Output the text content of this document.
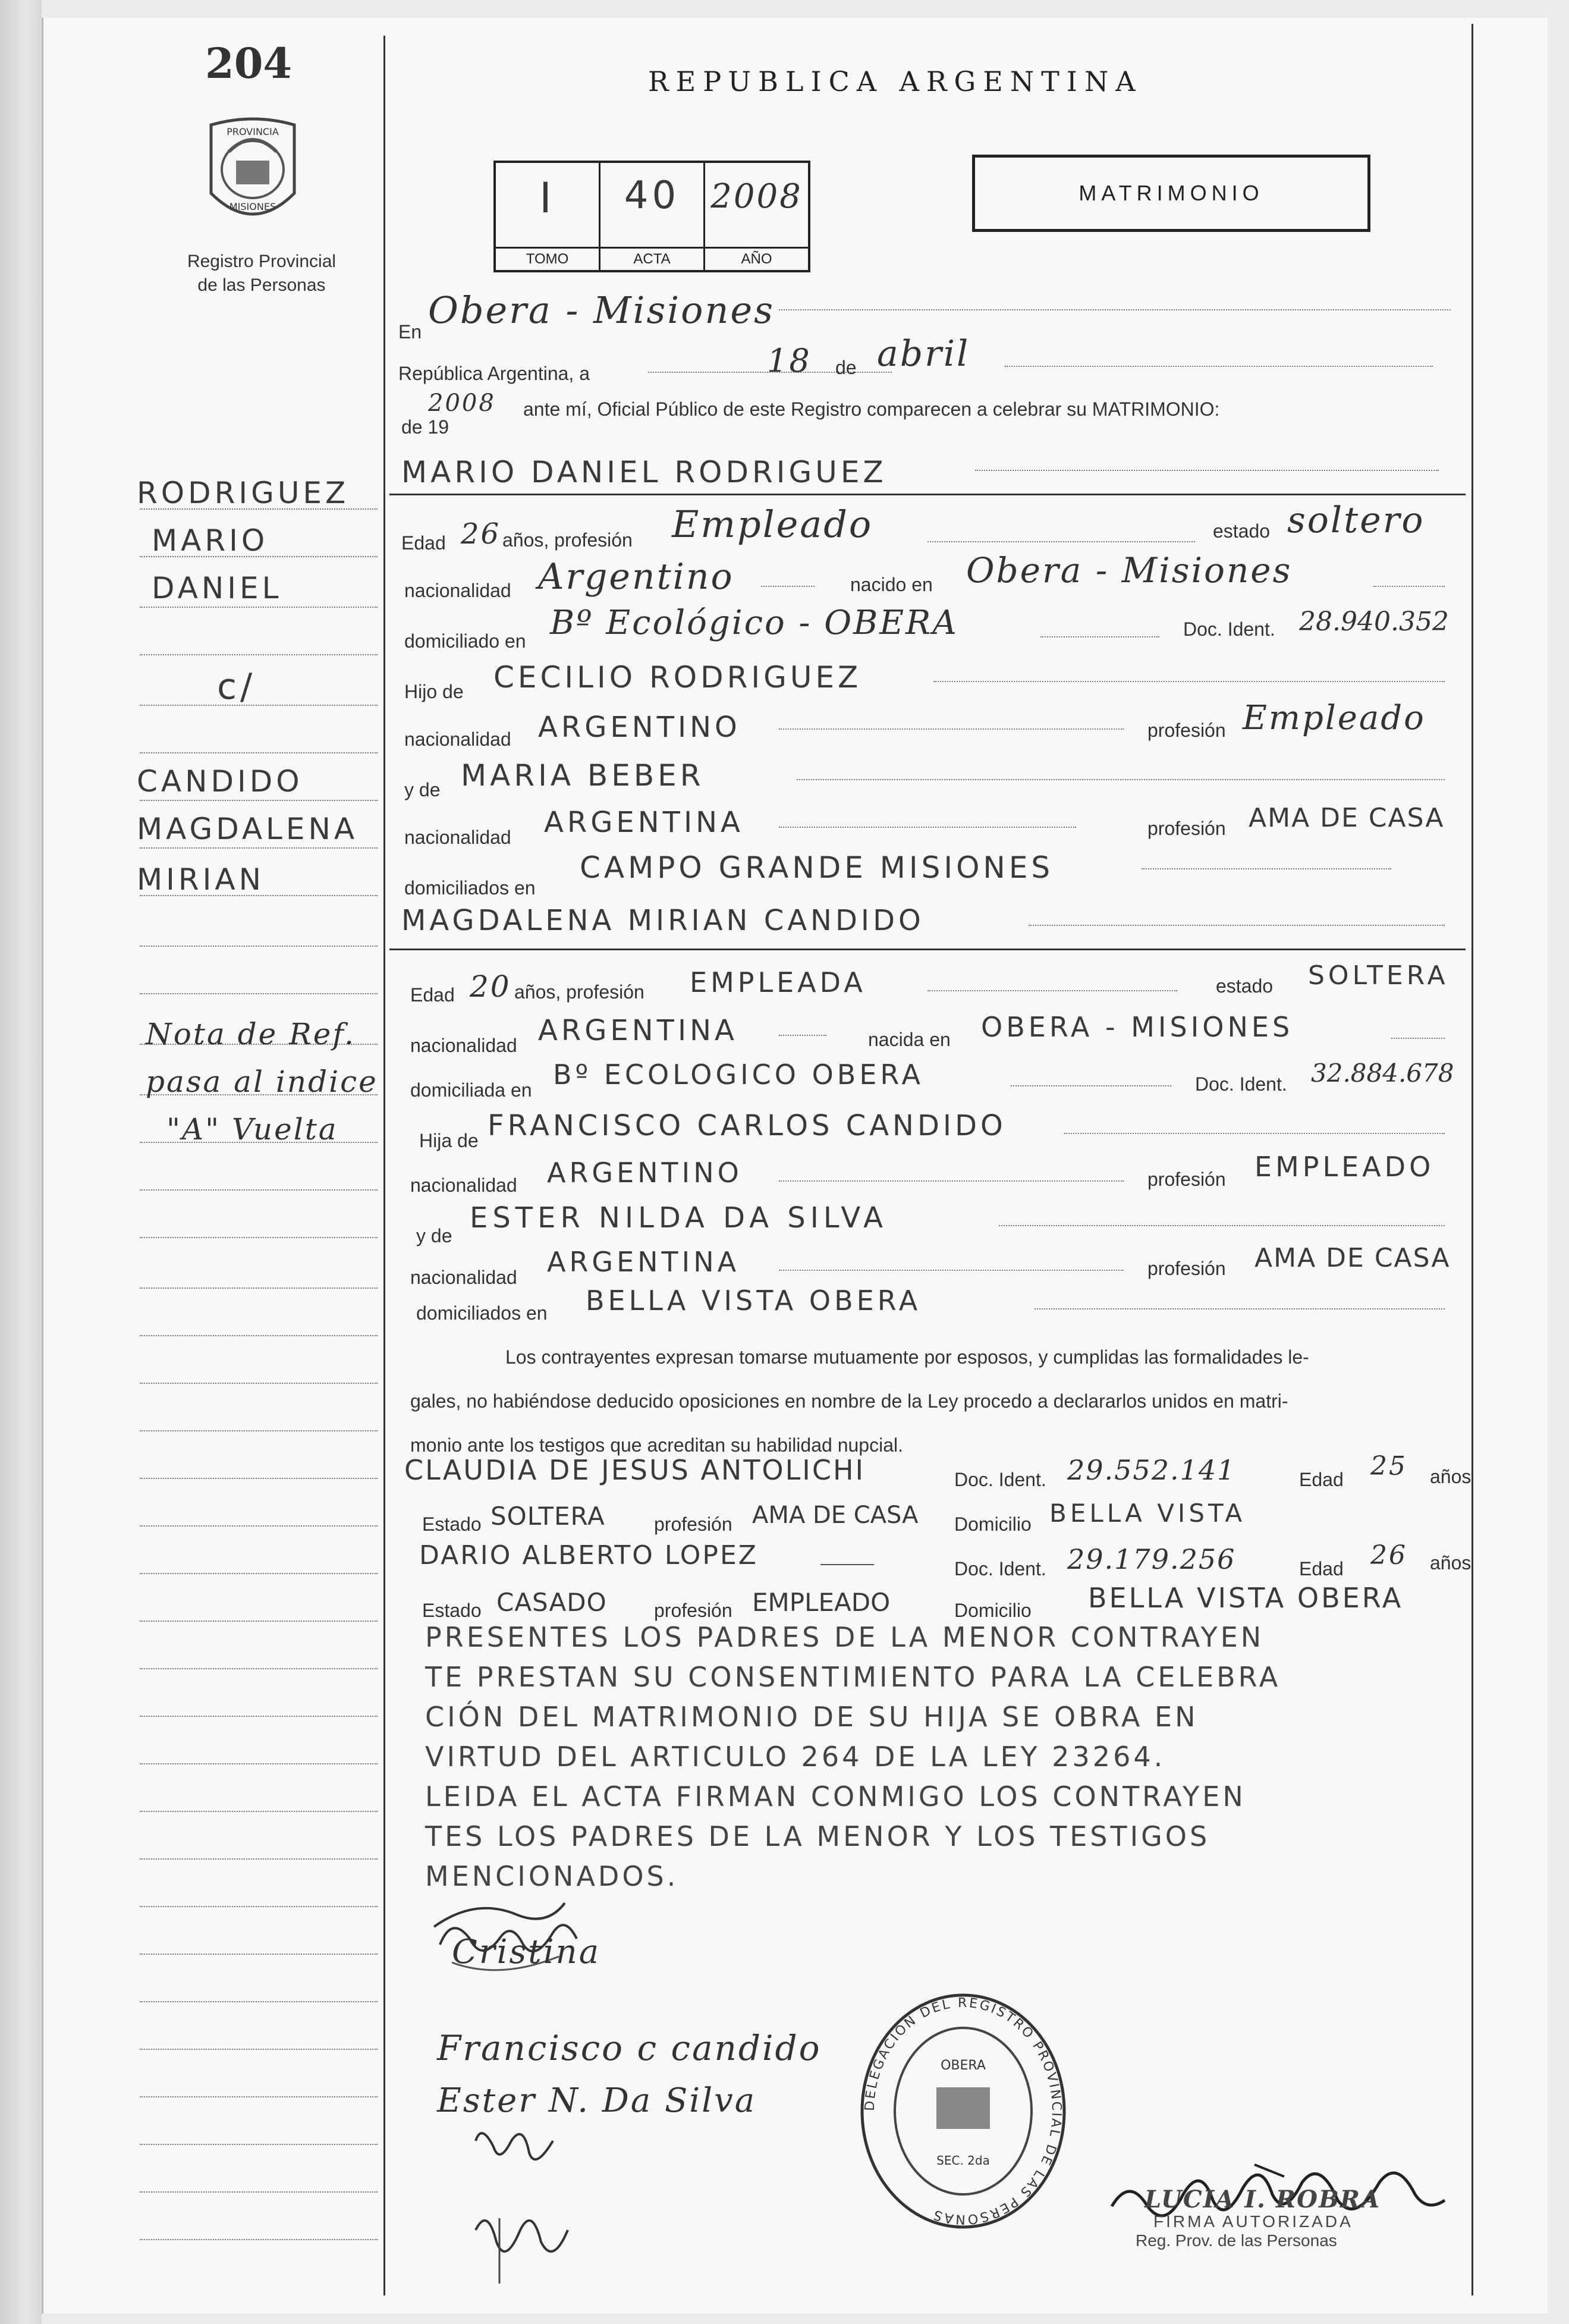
204
PROVINCIA
MISIONES
Registro Provincial
de las Personas
RODRIGUEZ
MARIO
DANIEL
c/
CANDIDO
MAGDALENA
MIRIAN
Nota de Ref.
pasa al indice
"A" Vuelta
REPUBLICA ARGENTINA
MATRIMONIO
I
TOMO
40
ACTA
2008
AÑO
En Obera - Misiones
República Argentina, a	18 de abril
de 19
2008 ante mí, Oficial Público de este Registro comparecen a celebrar su MATRIMONIO:
MARIO DANIEL RODRIGUEZ
Edad 26 años, profesión Empleado	estado soltero
nacionalidad Argentino	nacido en Obera - Misiones
domiciliado en Bº Ecológico - OBERA	Doc. Ident. 28.940.352
Hijo de CECILIO RODRIGUEZ
nacionalidad ARGENTINO	profesión Empleado
y de MARIA BEBER
nacionalidad ARGENTINA	profesión AMA DE CASA
domiciliados en
CAMPO GRANDE MISIONES
MAGDALENA MIRIAN CANDIDO
Edad 20 años, profesión EMPLEADA	estado SOLTERA
nacionalidad ARGENTINA	nacida en OBERA - MISIONES
domiciliada en Bº ECOLOGICO OBERA	Doc. Ident. 32.884.678
Hija de FRANCISCO CARLOS CANDIDO
nacionalidad ARGENTINO	profesión EMPLEADO
y de
ESTER NILDA DA SILVA
nacionalidad ARGENTINA	profesión AMA DE CASA
domiciliados en BELLA VISTA OBERA
Los contrayentes expresan tomarse mutuamente por esposos, y cumplidas las formalidades le-
gales, no habiéndose deducido oposiciones en nombre de la Ley procedo a declararlos unidos en matri-
monio ante los testigos que acreditan su habilidad nupcial.
CLAUDIA DE JESUS ANTOLICHI	Doc. Ident. 29.552.141	Edad 25 años
Estado SOLTERA	profesión AMA DE CASA Domicilio BELLA VISTA
DARIO ALBERTO LOPEZ	Doc. Ident. 29.179.256	Edad 26 años
Estado CASADO profesión EMPLEADO	Domicilio BELLA VISTA OBERA
PRESENTES LOS PADRES DE LA MENOR CONTRAYEN
TE PRESTAN SU CONSENTIMIENTO PARA LA CELEBRA
CIÓN DEL MATRIMONIO DE SU HIJA SE OBRA EN
VIRTUD DEL ARTICULO 264 DE LA LEY 23264.
LEIDA EL ACTA FIRMAN CONMIGO LOS CONTRAYEN
TES LOS PADRES DE LA MENOR Y LOS TESTIGOS
MENCIONADOS.
Cristina
Francisco c candido
Ester N. Da Silva	DELEGACIÓN DEL REGISTRO PROVINCIAL DE LAS PERSONAS
OBERA
SEC. 2da
LUCIA I. ROBRA
FIRMA AUTORIZADA
Reg. Prov. de las Personas
